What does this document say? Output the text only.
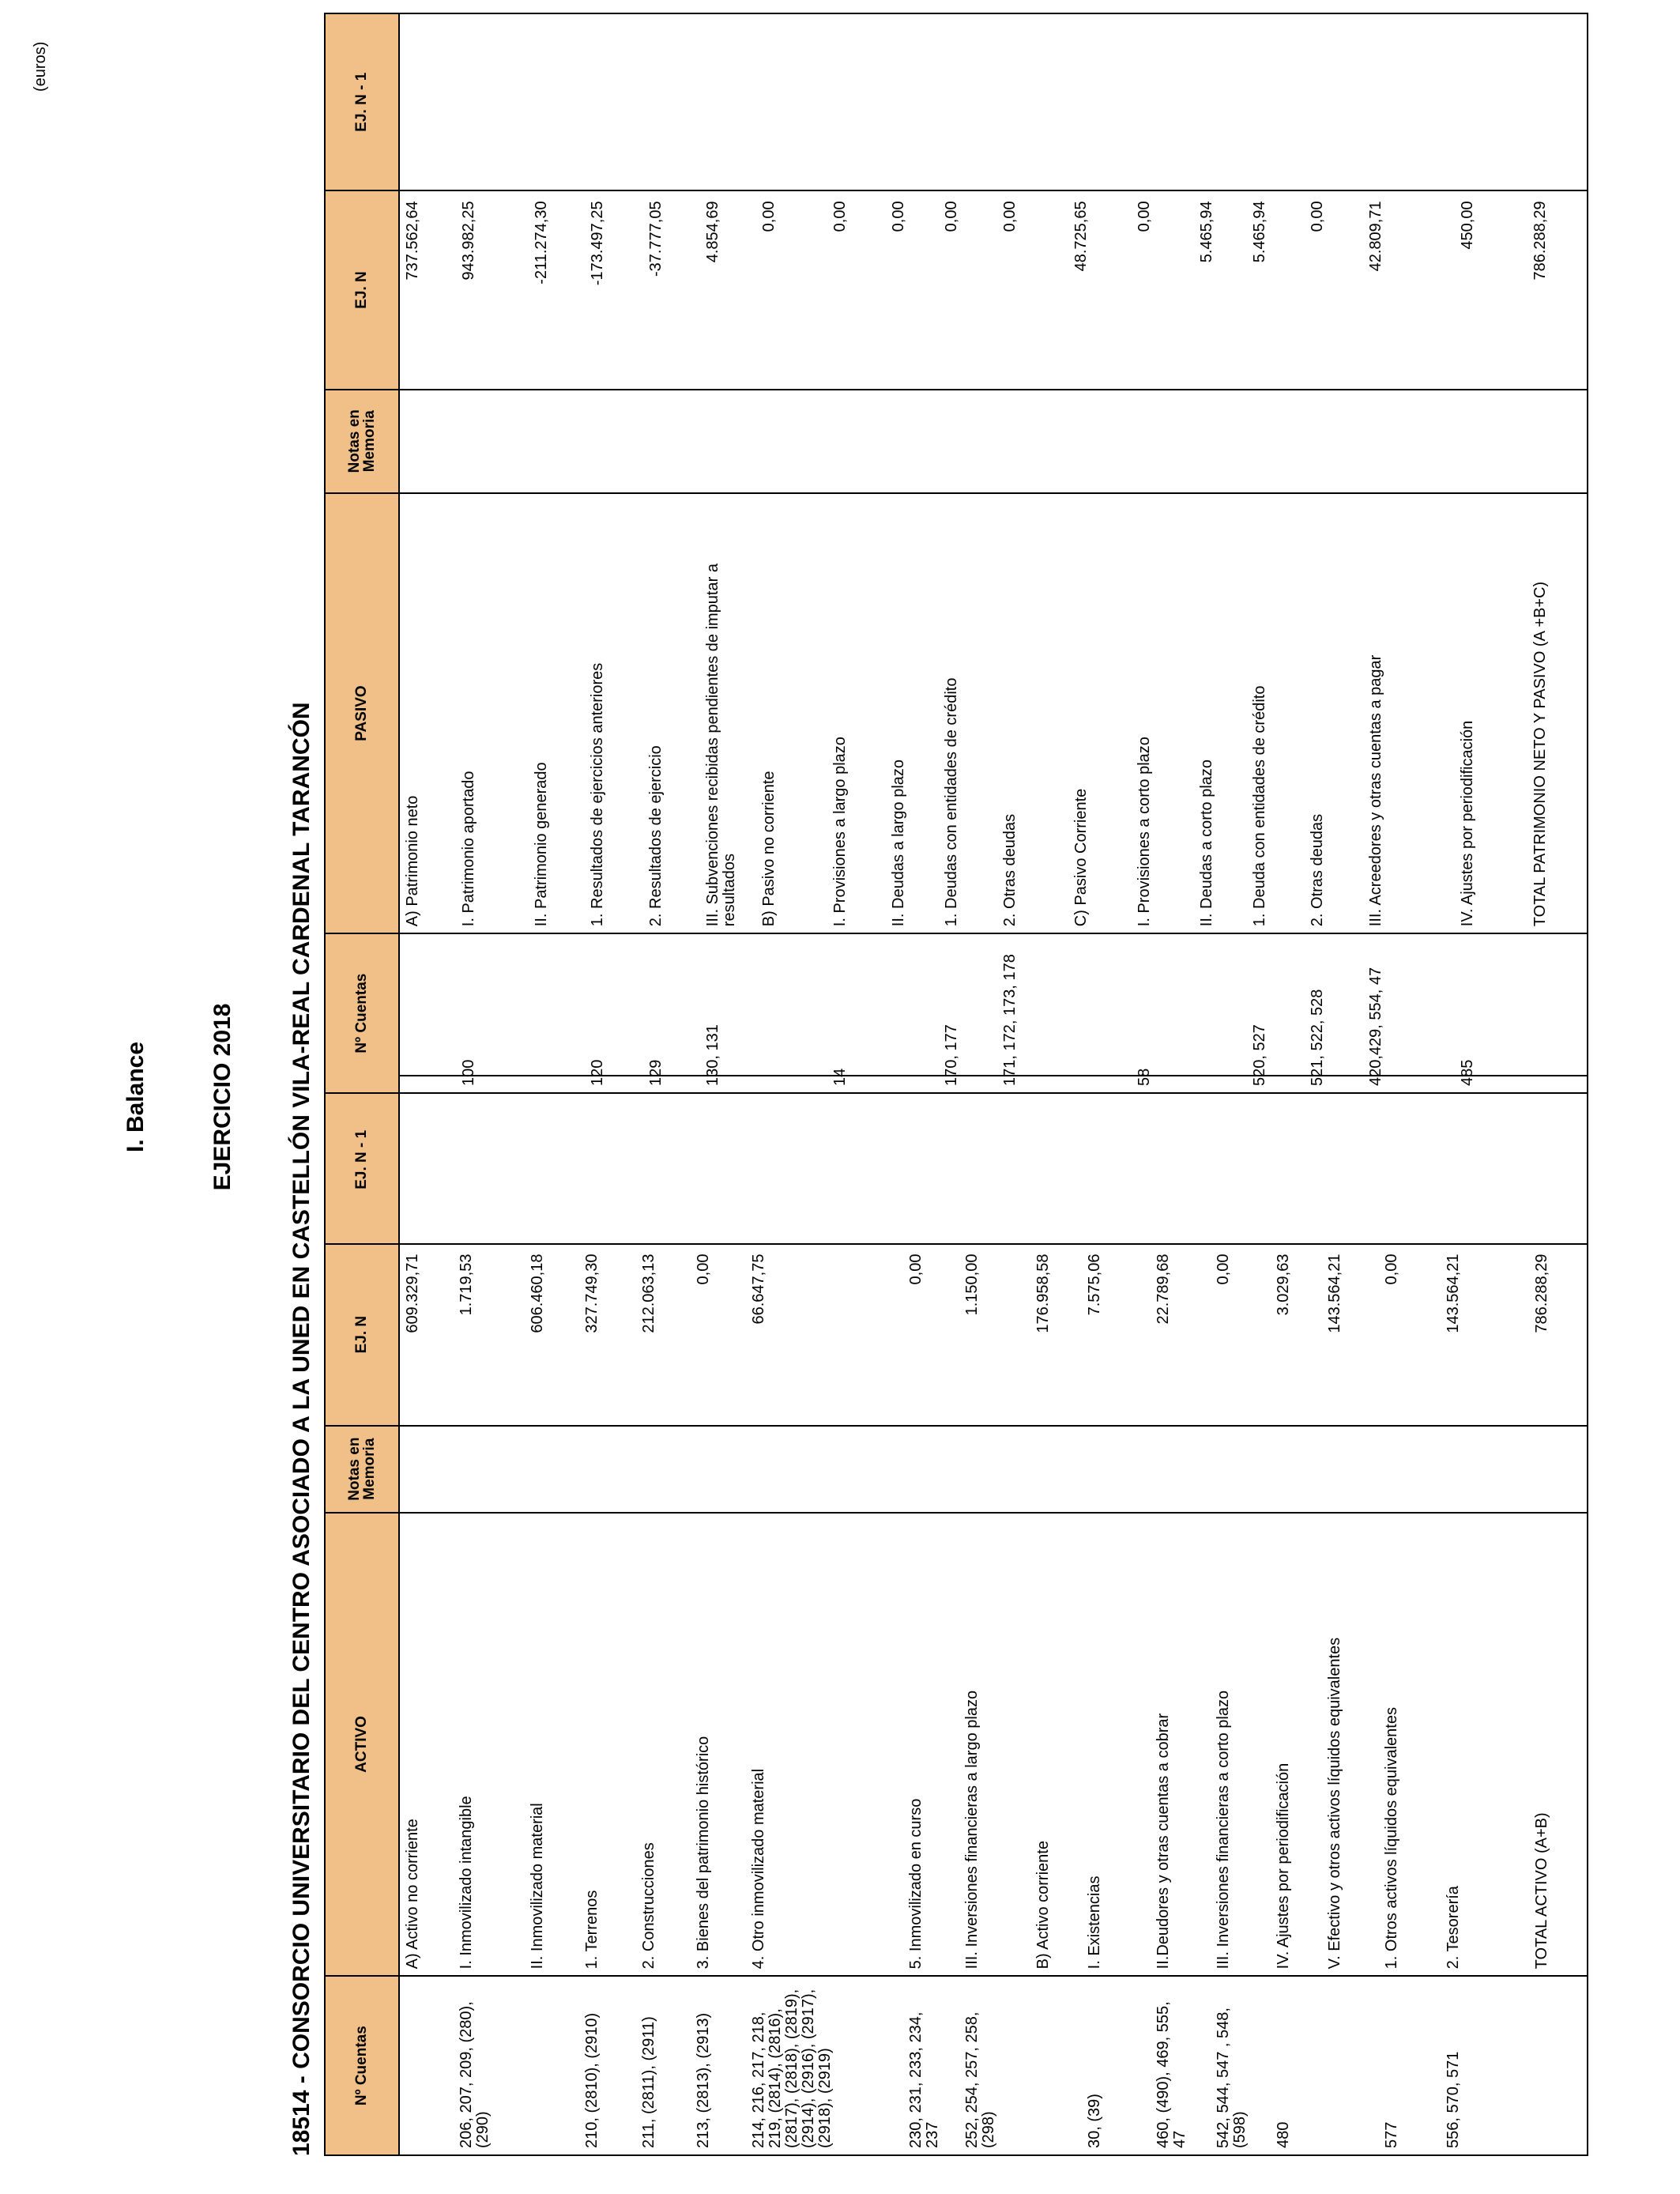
(euros)
I. Balance	EJERCICIO 2018 18514 - CONSORCIO UNIVERSITARIO DEL CENTRO ASOCIADO A LA UNED EN CASTELLÓN VILA-REAL CARDENAL TARANCÓN	Nº Cuentas	ACTIVO	Notas en Memoria	EJ. N	EJ. N - 1
	A) Activo no corriente		609.329,71	
206, 207, 209, (280), (290)	I. Inmovilizado intangible		1.719,53	
	II. Inmovilizado material		606.460,18	
210, (2810), (2910)	1. Terrenos		327.749,30	
211, (2811), (2911)	2. Construcciones		212.063,13	
213, (2813), (2913)	3. Bienes del patrimonio histórico		0,00	
214, 216, 217, 218, 219, (2814), (2816), (2817), (2818), (2819), (2914), (2916), (2917), (2918), (2919)	4. Otro inmovilizado material		66.647,75	
230, 231, 233, 234, 237	5. Inmovilizado en curso		0,00	
252, 254, 257, 258, (298)	III. Inversiones financieras a largo plazo		1.150,00	
	B) Activo corriente		176.958,58	
30, (39)	I. Existencias		7.575,06	
460, (490), 469, 555, 47	II.Deudores y otras cuentas a cobrar		22.789,68	
542, 544, 547 , 548, (598)	III. Inversiones financieras a corto plazo		0,00	
480	IV. Ajustes por periodificación		3.029,63	
	V. Efectivo y otros activos líquidos equivalentes		143.564,21	
577	1. Otros activos líquidos equivalentes		0,00	
556, 570, 571	2. Tesorería		143.564,21	
	TOTAL ACTIVO (A+B)		786.288,29	
Nº Cuentas	PASIVO	Notas en Memoria	EJ. N	EJ. N - 1
	A) Patrimonio neto		737.562,64	
100	I. Patrimonio aportado		943.982,25	
	II. Patrimonio generado		-211.274,30	
120	1. Resultados de ejercicios anteriores		-173.497,25	
129	2. Resultados de ejercicio		-37.777,05	
130, 131	III. Subvenciones recibidas pendientes de imputar a resultados		4.854,69	
	B) Pasivo no corriente		0,00	
14	I. Provisiones a largo plazo		0,00	
	II. Deudas a largo plazo		0,00	
170, 177	1. Deudas con entidades de crédito		0,00	
171, 172, 173, 178	2. Otras deudas		0,00	
	C) Pasivo Corriente		48.725,65	
58	I. Provisiones a corto plazo		0,00	
	II. Deudas a corto plazo		5.465,94	
520, 527	1. Deuda con entidades de crédito		5.465,94	
521, 522, 528	2. Otras deudas		0,00	
420,429, 554, 47	III. Acreedores y otras cuentas a pagar		42.809,71	
485	IV. Ajustes por periodificación		450,00	
	TOTAL PATRIMONIO NETO Y PASIVO (A +B+C)		786.288,29	
